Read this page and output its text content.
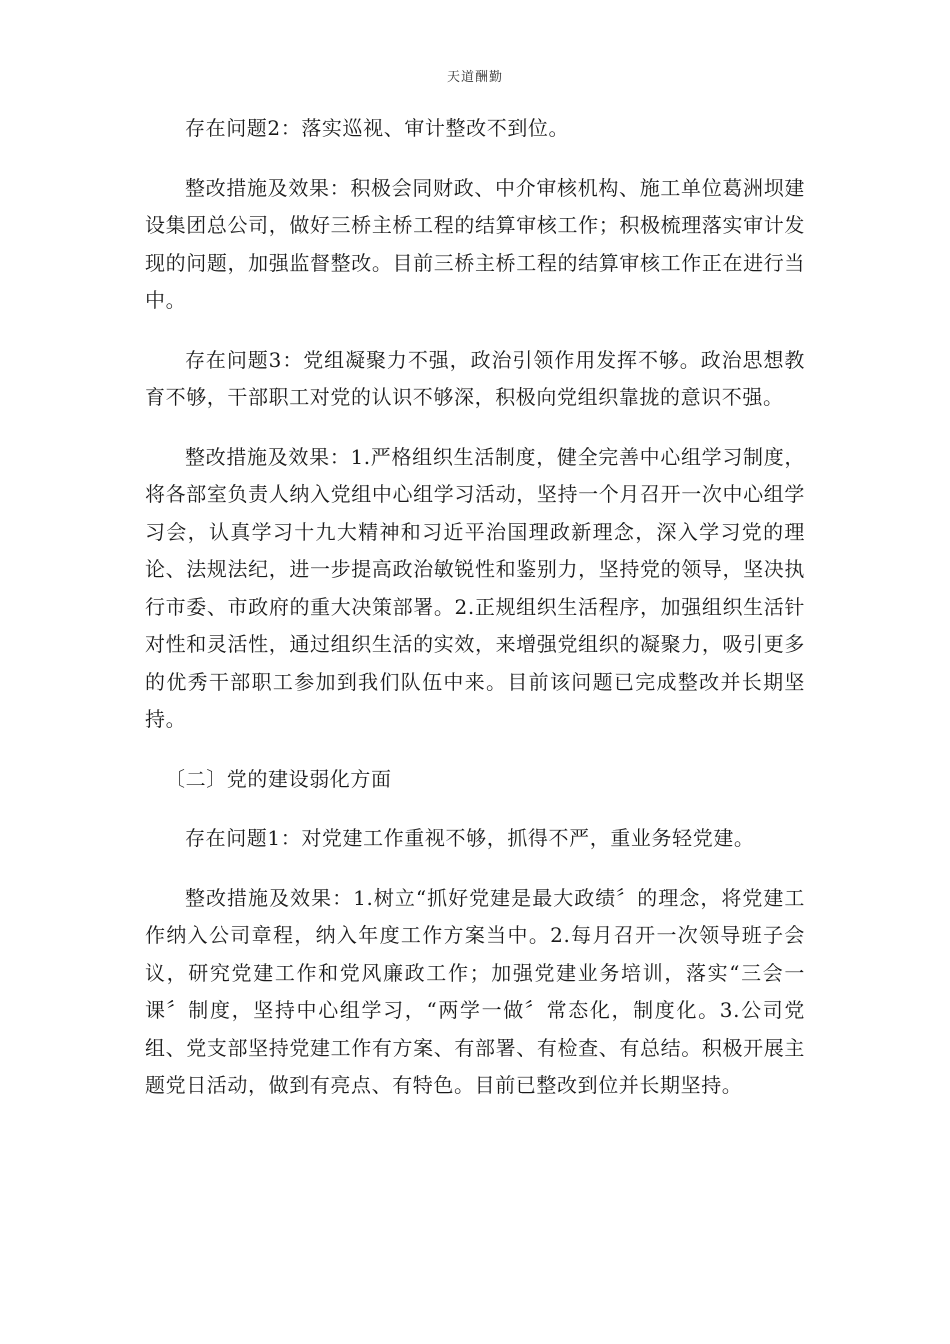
天道酬勤

存在问题2：落实巡视、审计整改不到位。

整改措施及效果：积极会同财政、中介审核机构、施工单位葛洲坝建设集团总公司，做好三桥主桥工程的结算审核工作；积极梳理落实审计发现的问题，加强监督整改。目前三桥主桥工程的结算审核工作正在进行当中。

存在问题3：党组凝聚力不强，政治引领作用发挥不够。政治思想教育不够，干部职工对党的认识不够深，积极向党组织靠拢的意识不强。

整改措施及效果：1.严格组织生活制度，健全完善中心组学习制度，将各部室负责人纳入党组中心组学习活动，坚持一个月召开一次中心组学习会，认真学习十九大精神和习近平治国理政新理念，深入学习党的理论、法规法纪，进一步提高政治敏锐性和鉴别力，坚持党的领导，坚决执行市委、市政府的重大决策部署。2.正规组织生活程序，加强组织生活针对性和灵活性，通过组织生活的实效，来增强党组织的凝聚力，吸引更多的优秀干部职工参加到我们队伍中来。目前该问题已完成整改并长期坚持。

〔二〕党的建设弱化方面

存在问题1：对党建工作重视不够，抓得不严，重业务轻党建。

整改措施及效果：1.树立“抓好党建是最大政绩〞的理念，将党建工作纳入公司章程，纳入年度工作方案当中。2.每月召开一次领导班子会议，研究党建工作和党风廉政工作；加强党建业务培训，落实“三会一课〞制度，坚持中心组学习，“两学一做〞常态化，制度化。3.公司党组、党支部坚持党建工作有方案、有部署、有检查、有总结。积极开展主题党日活动，做到有亮点、有特色。目前已整改到位并长期坚持。
